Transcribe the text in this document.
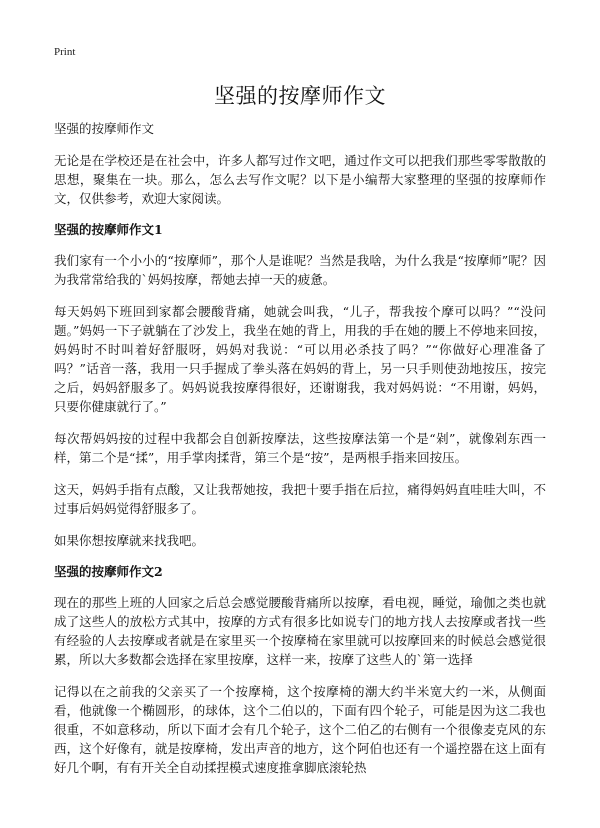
Print
坚强的按摩师作文
坚强的按摩师作文

无论是在学校还是在社会中，许多人都写过作文吧，通过作文可以把我们那些零零散散的思想，聚集在一块。那么，怎么去写作文呢？以下是小编帮大家整理的坚强的按摩师作文，仅供参考，欢迎大家阅读。

坚强的按摩师作文1

我们家有一个小小的“按摩师”，那个人是谁呢？当然是我啥，为什么我是“按摩师”呢？因为我常常给我的`妈妈按摩，帮她去掉一天的疲惫。

每天妈妈下班回到家都会腰酸背痛，她就会叫我，“儿子，帮我按个摩可以吗？”“没问题。”妈妈一下子就躺在了沙发上，我坐在她的背上，用我的手在她的腰上不停地来回按，妈妈时不时叫着好舒服呀，妈妈对我说：“可以用必杀技了吗？”“你做好心理准备了吗？”话音一落，我用一只手握成了拳头落在妈妈的背上，另一只手则使劲地按压，按完之后，妈妈舒服多了。妈妈说我按摩得很好，还谢谢我，我对妈妈说：“不用谢，妈妈，只要你健康就行了。”

每次帮妈妈按的过程中我都会自创新按摩法，这些按摩法第一个是“剁”，就像剁东西一样，第二个是“揉”，用手掌肉揉背，第三个是“按”，是两根手指来回按压。

这天，妈妈手指有点酸，又让我帮她按，我把十要手指在后拉，痛得妈妈直哇哇大叫，不过事后妈妈觉得舒服多了。

如果你想按摩就来找我吧。

坚强的按摩师作文2

现在的那些上班的人回家之后总会感觉腰酸背痛所以按摩，看电视，睡觉，瑜伽之类也就成了这些人的放松方式其中，按摩的方式有很多比如说专门的地方找人去按摩或者找一些有经验的人去按摩或者就是在家里买一个按摩椅在家里就可以按摩回来的时候总会感觉很累，所以大多数都会选择在家里按摩，这样一来，按摩了这些人的`第一选择

记得以在之前我的父亲买了一个按摩椅，这个按摩椅的潮大约半米宽大约一米，从侧面看，他就像一个椭圆形，的球体，这个二伯以的，下面有四个轮子，可能是因为这二我也很重，不如意移动，所以下面才会有几个轮子，这个二伯乙的右侧有一个很像麦克风的东西，这个好像有，就是按摩椅，发出声音的地方，这个阿伯也还有一个遥控器在这上面有好几个啊，有有开关全自动揉捏模式速度推拿脚底滚轮热
